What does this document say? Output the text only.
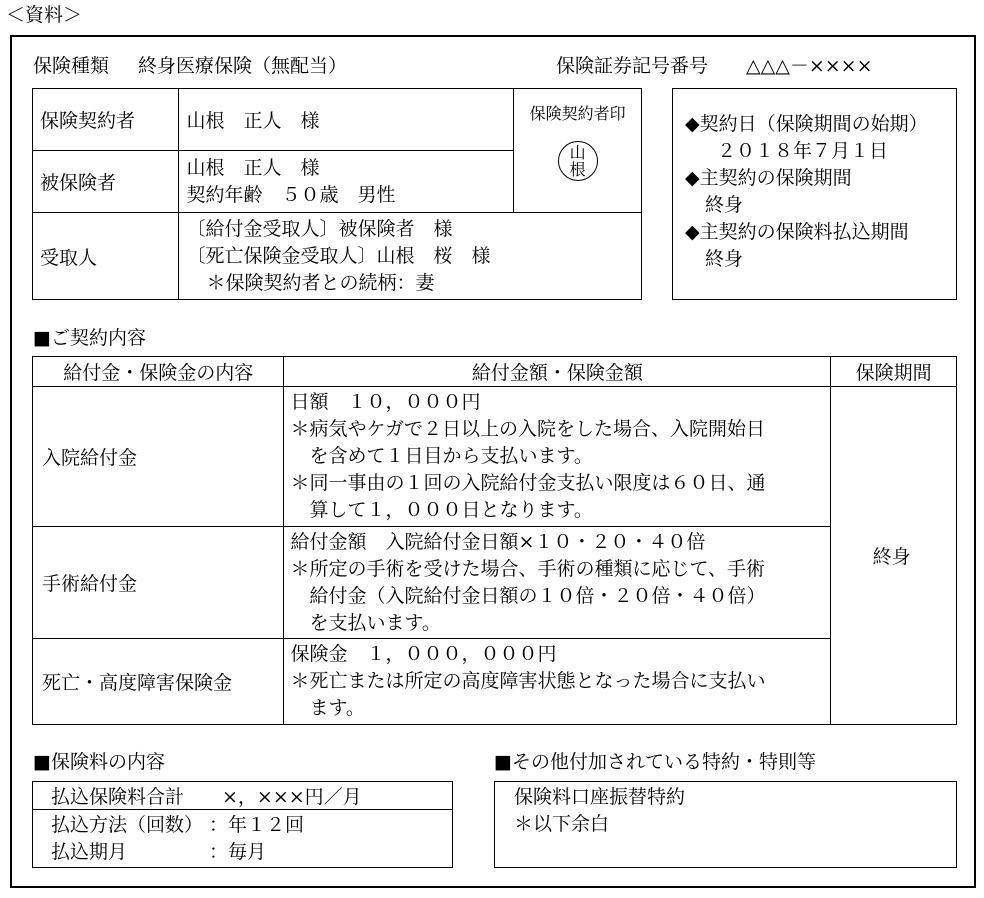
＜資料＞
保険種類 終身医療保険（無配当）	保険証券記号番号 △△△－××××
保険契約者	山根　正人　様	保険契約者印
山
根

被保険者	山根　正人　様
契約年齢　５０歳　男性	

受取人	〔給付金受取人〕被保険者　様
〔死亡保険金受取人〕山根　桜　様
＊保険契約者との続柄：妻	
◆契約日（保険期間の始期）
２０１８年７月１日
◆主契約の保険期間
終身
◆主契約の保険料払込期間
終身
■ご契約内容
給付金・保険金の内容	給付金額・保険金額	保険期間
入院給付金	日額　１０，０００円
＊病気やケガで２日以上の入院をした場合、入院開始日
　を含めて１日目から支払います。
＊同一事由の１回の入院給付金支払い限度は６０日、通
　算して１，０００日となります。	終身
手術給付金	給付金額　入院給付金日額×１０・２０・４０倍
＊所定の手術を受けた場合、手術の種類に応じて、手術
　給付金（入院給付金日額の１０倍・２０倍・４０倍）
　を支払います。	

死亡・高度障害保険金	保険金　１，０００，０００円
＊死亡または所定の高度障害状態となった場合に支払い
　ます。	
■保険料の内容
払込保険料合計　　×，×××円／月

払込方法（回数） ：年１２回
払込期月	：毎月
■その他付加されている特約・特則等
保険料口座振替特約
＊以下余白
